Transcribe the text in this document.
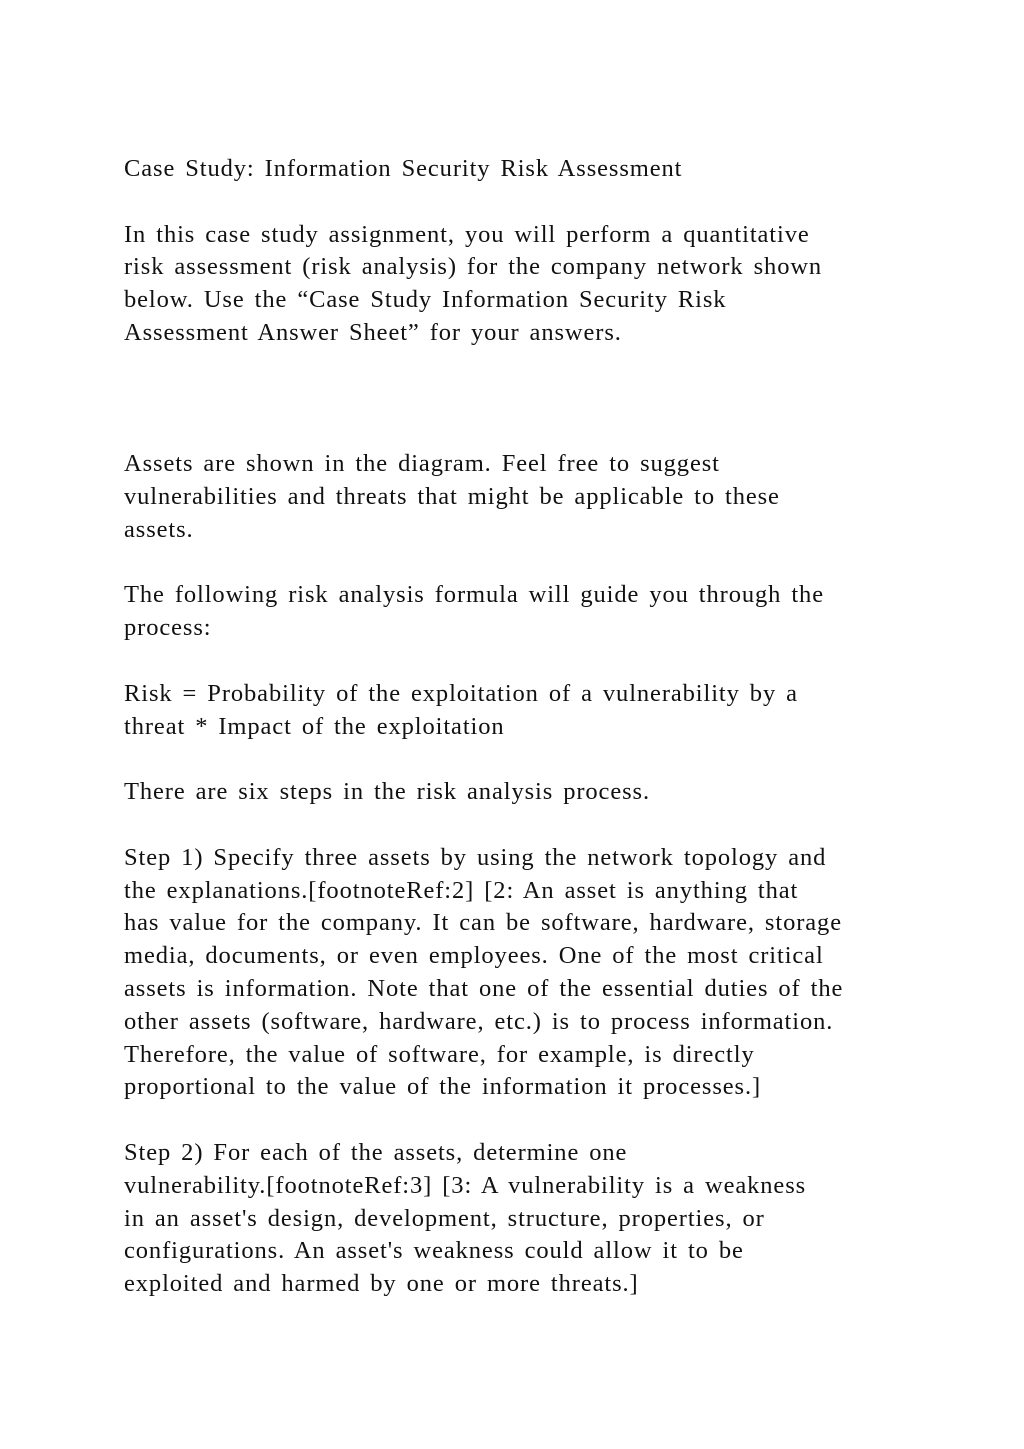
Case Study: Information Security Risk Assessment

In this case study assignment, you will perform a quantitative
risk assessment (risk analysis) for the company network shown
below. Use the “Case Study Information Security Risk
Assessment Answer Sheet” for your answers.

Assets are shown in the diagram. Feel free to suggest
vulnerabilities and threats that might be applicable to these
assets.

The following risk analysis formula will guide you through the
process:

Risk = Probability of the exploitation of a vulnerability by a
threat * Impact of the exploitation

There are six steps in the risk analysis process.

Step 1) Specify three assets by using the network topology and
the explanations.[footnoteRef:2] [2: An asset is anything that
has value for the company. It can be software, hardware, storage
media, documents, or even employees. One of the most critical
assets is information. Note that one of the essential duties of the
other assets (software, hardware, etc.) is to process information.
Therefore, the value of software, for example, is directly
proportional to the value of the information it processes.]

Step 2) For each of the assets, determine one
vulnerability.[footnoteRef:3] [3: A vulnerability is a weakness
in an asset's design, development, structure, properties, or
configurations. An asset's weakness could allow it to be
exploited and harmed by one or more threats.]
